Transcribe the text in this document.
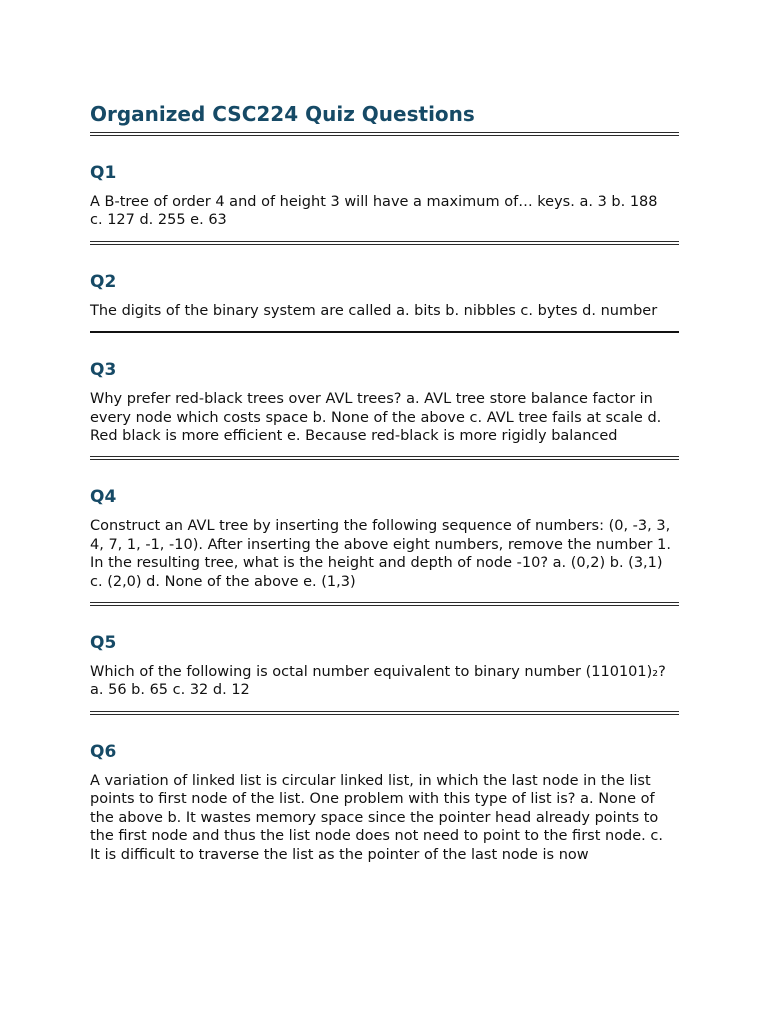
Organized CSC224 Quiz Questions
Q1

A B-tree of order 4 and of height 3 will have a maximum of… keys. a. 3 b. 188 c. 127 d. 255 e. 63

Q2

The digits of the binary system are called a. bits b. nibbles c. bytes d. number

Q3

Why prefer red-black trees over AVL trees? a. AVL tree store balance factor in every node which costs space b. None of the above c. AVL tree fails at scale d. Red black is more efficient e. Because red-black is more rigidly balanced

Q4

Construct an AVL tree by inserting the following sequence of numbers: (0, -3, 3, 4, 7, 1, -1, -10). After inserting the above eight numbers, remove the number 1. In the resulting tree, what is the height and depth of node -10? a. (0,2) b. (3,1) c. (2,0) d. None of the above e. (1,3)

Q5

Which of the following is octal number equivalent to binary number (110101)₂? a. 56 b. 65 c. 32 d. 12

Q6

A variation of linked list is circular linked list, in which the last node in the list points to first node of the list. One problem with this type of list is? a. None of the above b. It wastes memory space since the pointer head already points to the first node and thus the list node does not need to point to the first node. c. It is difficult to traverse the list as the pointer of the last node is now
